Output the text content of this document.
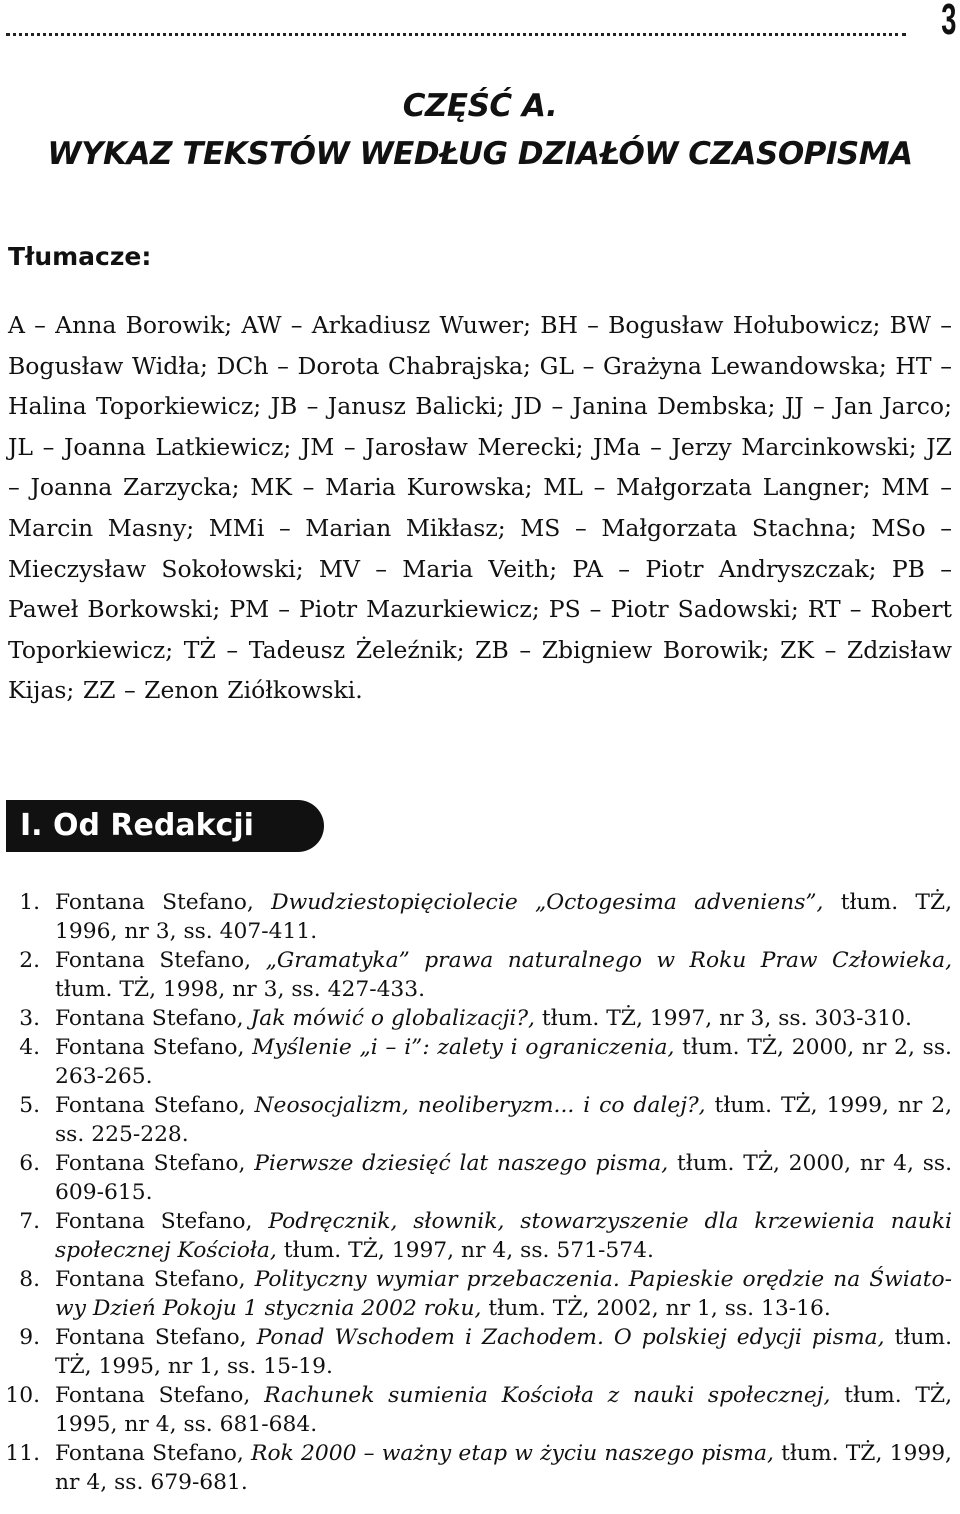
3
CZĘŚĆ A.
WYKAZ TEKSTÓW WEDŁUG DZIAŁÓW CZASOPISMA
Tłumacze:
A – Anna Borowik; AW – Arkadiusz Wuwer; BH – Bogusław Hołubowicz; BW – Bogusław Widła; DCh – Dorota Chabrajska; GL – Grażyna Lewandowska; HT – Halina Toporkiewicz; JB – Janusz Balicki; JD – Janina Dembska; JJ – Jan Jarco; JL – Joanna Latkiewicz; JM – Jarosław Merecki; JMa – Jerzy Marcinkowski; JZ – Joanna Zarzycka; MK – Maria Kurowska; ML – Małgorzata Langner; MM – Marcin Masny; MMi – Marian Mikłasz; MS – Małgorzata Stachna; MSo – Mieczysław Sokołowski; MV – Maria Veith; PA – Piotr Andryszczak; PB – Paweł Borkowski; PM – Piotr Mazurkiewicz; PS – Piotr Sadowski; RT – Robert Toporkiewicz; TŻ – Tadeusz Żeleźnik; ZB – Zbigniew Borowik; ZK – Zdzisław Kijas; ZZ – Zenon Ziółkowski.
I. Od Redakcji
1. Fontana Stefano, Dwudziestopięciolecie „Octogesima adveniens”, tłum. TŻ, 1996, nr 3, ss. 407-411.
2. Fontana Stefano, „Gramatyka” prawa naturalnego w Roku Praw Człowieka, tłum. TŻ, 1998, nr 3, ss. 427-433.
3. Fontana Stefano, Jak mówić o globalizacji?, tłum. TŻ, 1997, nr 3, ss. 303-310.
4. Fontana Stefano, Myślenie „i – i”: zalety i ograniczenia, tłum. TŻ, 2000, nr 2, ss. 263-265.
5. Fontana Stefano, Neosocjalizm, neoliberyzm... i co dalej?, tłum. TŻ, 1999, nr 2, ss. 225-228.
6. Fontana Stefano, Pierwsze dziesięć lat naszego pisma, tłum. TŻ, 2000, nr 4, ss. 609-615.
7. Fontana Stefano, Podręcznik, słownik, stowarzyszenie dla krzewienia nauki społecznej Kościoła, tłum. TŻ, 1997, nr 4, ss. 571-574.
8. Fontana Stefano, Polityczny wymiar przebaczenia. Papieskie orędzie na Światowy Dzień Pokoju 1 stycznia 2002 roku, tłum. TŻ, 2002, nr 1, ss. 13-16.
9. Fontana Stefano, Ponad Wschodem i Zachodem. O polskiej edycji pisma, tłum. TŻ, 1995, nr 1, ss. 15-19.
10. Fontana Stefano, Rachunek sumienia Kościoła z nauki społecznej, tłum. TŻ, 1995, nr 4, ss. 681-684.
11. Fontana Stefano, Rok 2000 – ważny etap w życiu naszego pisma, tłum. TŻ, 1999, nr 4, ss. 679-681.
